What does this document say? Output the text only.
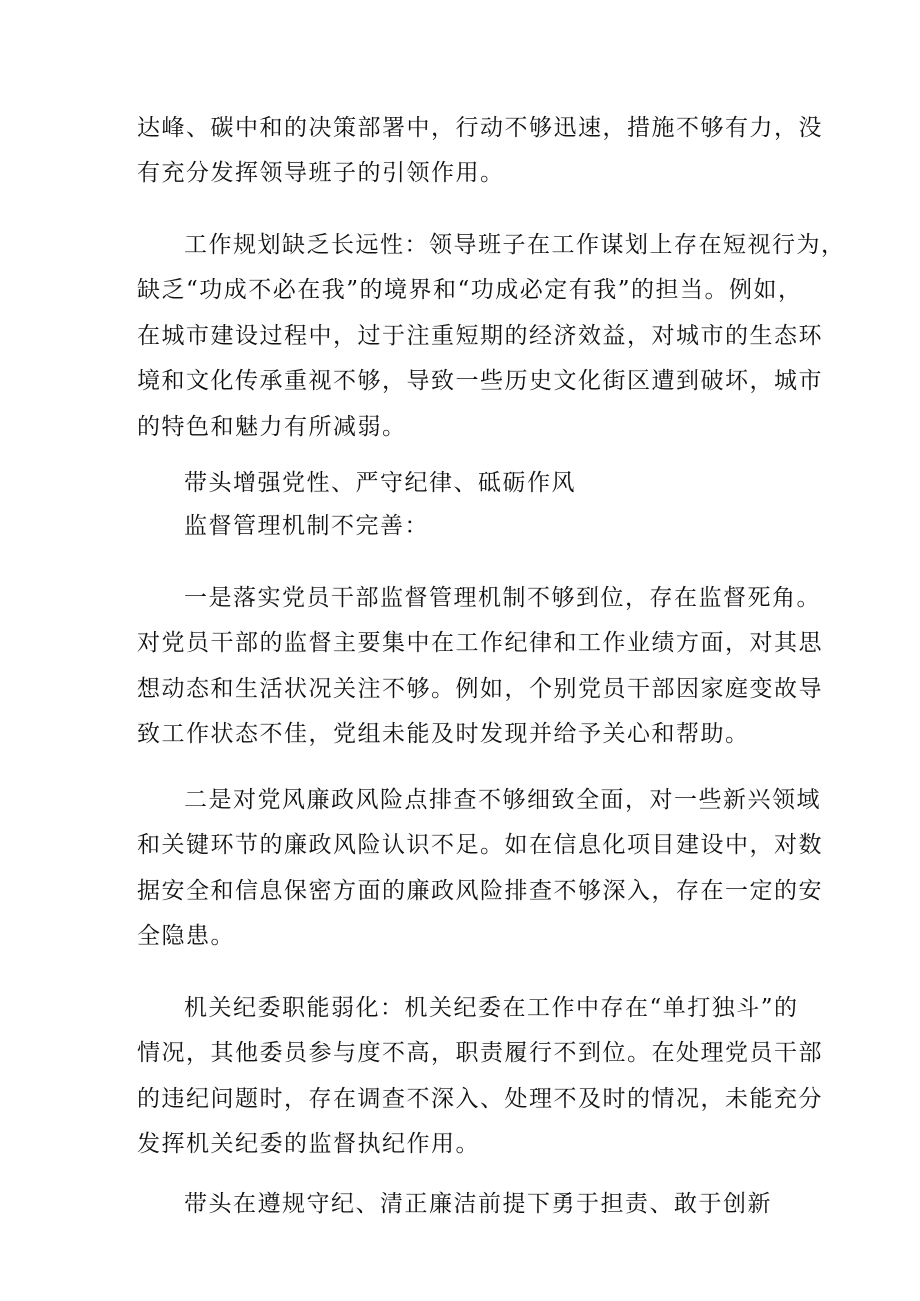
达峰、碳中和的决策部署中，行动不够迅速，措施不够有力，没
有充分发挥领导班子的引领作用。
工作规划缺乏长远性：领导班子在工作谋划上存在短视行为，
缺乏“功成不必在我”的境界和“功成必定有我”的担当。例如，
在城市建设过程中，过于注重短期的经济效益，对城市的生态环
境和文化传承重视不够，导致一些历史文化街区遭到破坏，城市
的特色和魅力有所减弱。
带头增强党性、严守纪律、砥砺作风
监督管理机制不完善：
一是落实党员干部监督管理机制不够到位，存在监督死角。
对党员干部的监督主要集中在工作纪律和工作业绩方面，对其思
想动态和生活状况关注不够。例如，个别党员干部因家庭变故导
致工作状态不佳，党组未能及时发现并给予关心和帮助。
二是对党风廉政风险点排查不够细致全面，对一些新兴领域
和关键环节的廉政风险认识不足。如在信息化项目建设中，对数
据安全和信息保密方面的廉政风险排查不够深入，存在一定的安
全隐患。
机关纪委职能弱化：机关纪委在工作中存在“单打独斗”的
情况，其他委员参与度不高，职责履行不到位。在处理党员干部
的违纪问题时，存在调查不深入、处理不及时的情况，未能充分
发挥机关纪委的监督执纪作用。
带头在遵规守纪、清正廉洁前提下勇于担责、敢于创新
